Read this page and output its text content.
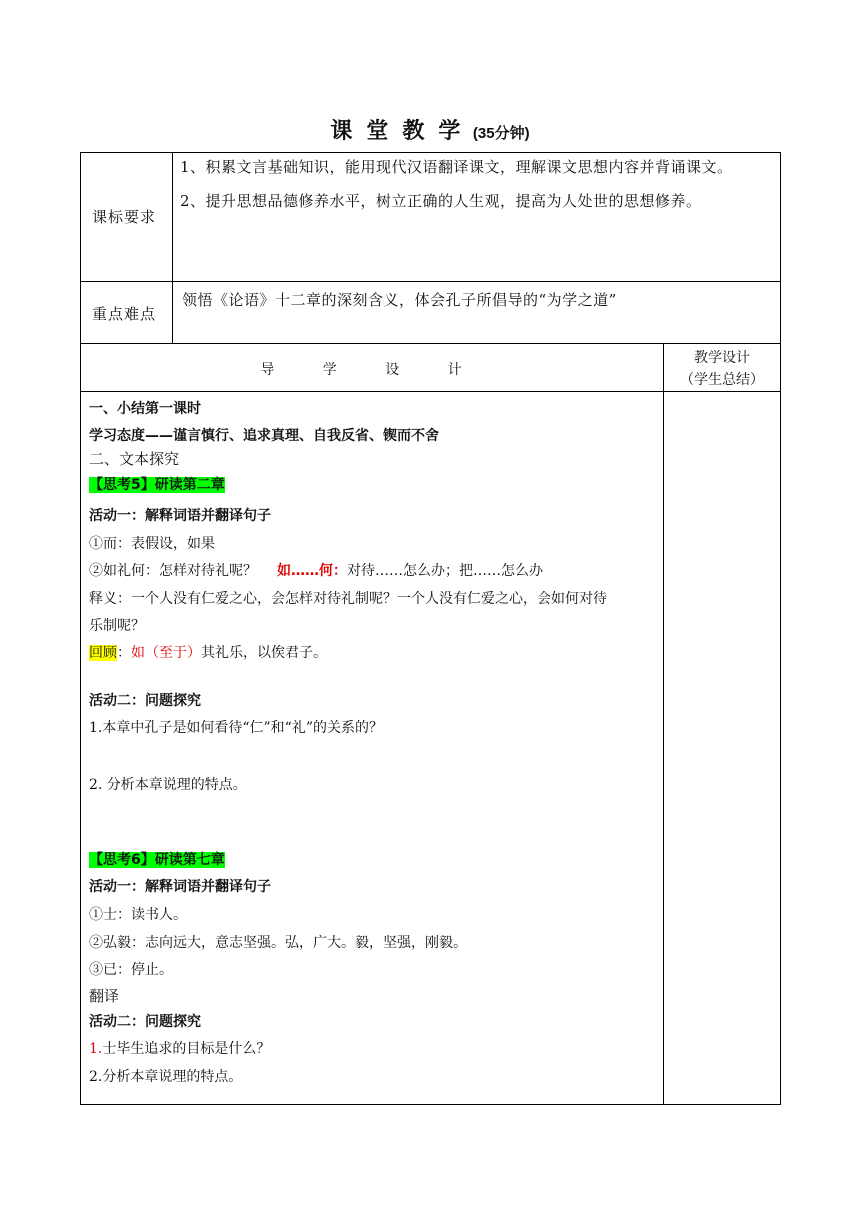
课堂教学 (35分钟)
课标要求
1、积累文言基础知识，能用现代汉语翻译课文，理解课文思想内容并背诵课文。
2、提升思想品德修养水平，树立正确的人生观，提高为人处世的思想修养。
重点难点
领悟《论语》十二章的深刻含义，体会孔子所倡导的“为学之道”
导 学 设 计
教学设计
（学生总结）
一、小结第一课时
学习态度——谨言慎行、追求真理、自我反省、锲而不舍
二、文本探究
【思考5】研读第二章
活动一：解释词语并翻译句子
①而：表假设，如果
②如礼何：怎样对待礼呢？ 如……何：对待……怎么办；把……怎么办
释义：一个人没有仁爱之心，会怎样对待礼制呢？一个人没有仁爱之心，会如何对待
乐制呢？
回顾：如（至于）其礼乐，以俟君子。
活动二：问题探究
1.本章中孔子是如何看待“仁”和“礼”的关系的？
2. 分析本章说理的特点。
【思考6】研读第七章
活动一：解释词语并翻译句子
①士：读书人。
②弘毅：志向远大，意志坚强。弘，广大。毅，坚强，刚毅。
③已：停止。
翻译
活动二：问题探究
1.士毕生追求的目标是什么？
2.分析本章说理的特点。
